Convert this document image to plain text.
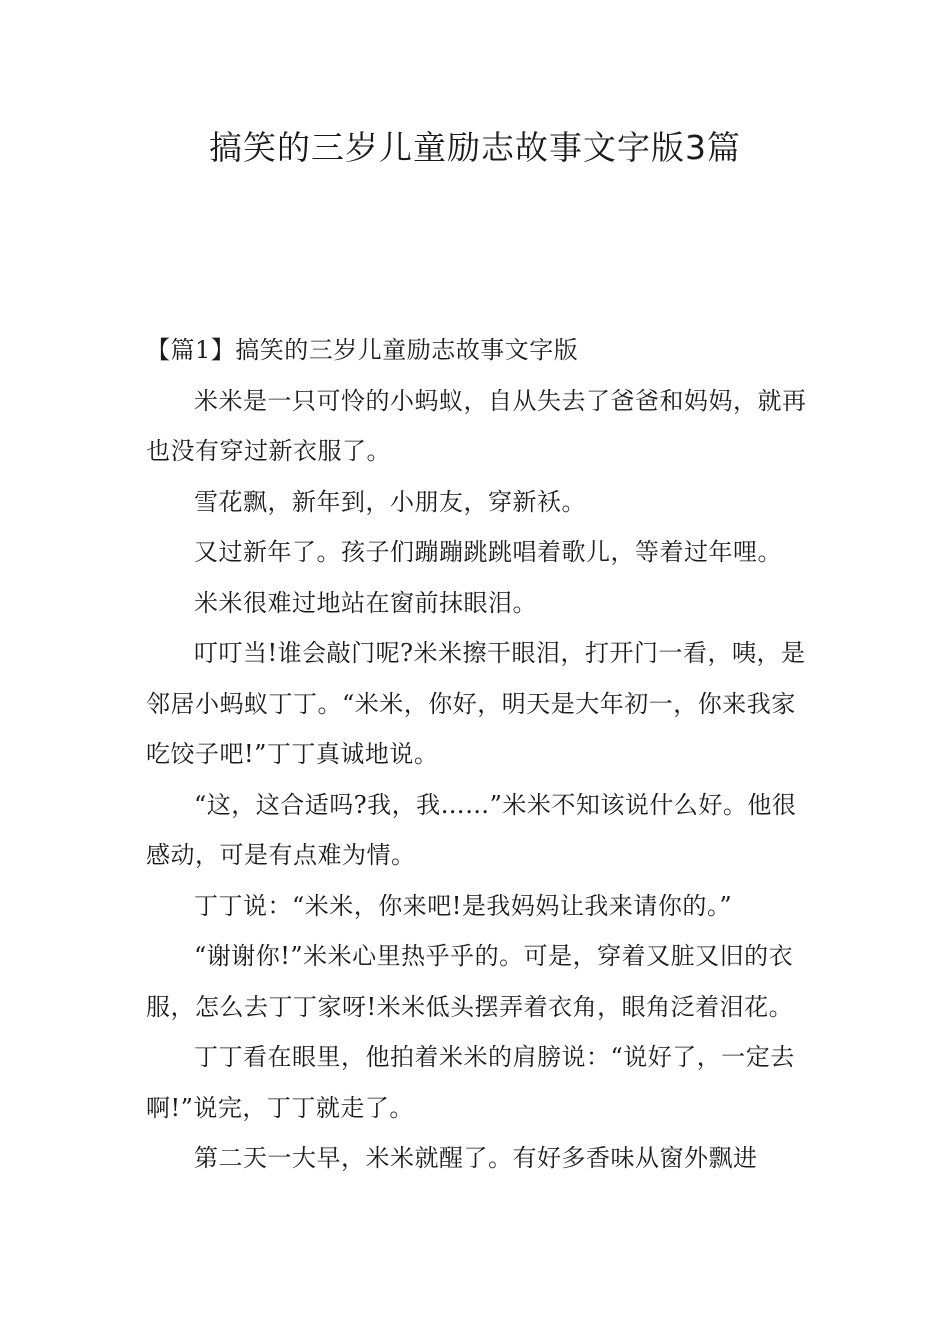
搞笑的三岁儿童励志故事文字版3篇

【篇1】搞笑的三岁儿童励志故事文字版

米米是一只可怜的小蚂蚁，自从失去了爸爸和妈妈，就再也没有穿过新衣服了。

雪花飘，新年到，小朋友，穿新袄。

又过新年了。孩子们蹦蹦跳跳唱着歌儿，等着过年哩。

米米很难过地站在窗前抹眼泪。

叮叮当!谁会敲门呢?米米擦干眼泪，打开门一看，咦，是邻居小蚂蚁丁丁。“米米，你好，明天是大年初一，你来我家吃饺子吧!”丁丁真诚地说。

“这，这合适吗?我，我……”米米不知该说什么好。他很感动，可是有点难为情。

丁丁说：“米米，你来吧!是我妈妈让我来请你的。”

“谢谢你!”米米心里热乎乎的。可是，穿着又脏又旧的衣服，怎么去丁丁家呀!米米低头摆弄着衣角，眼角泛着泪花。

丁丁看在眼里，他拍着米米的肩膀说：“说好了，一定去啊!”说完，丁丁就走了。

第二天一大早，米米就醒了。有好多香味从窗外飘进
